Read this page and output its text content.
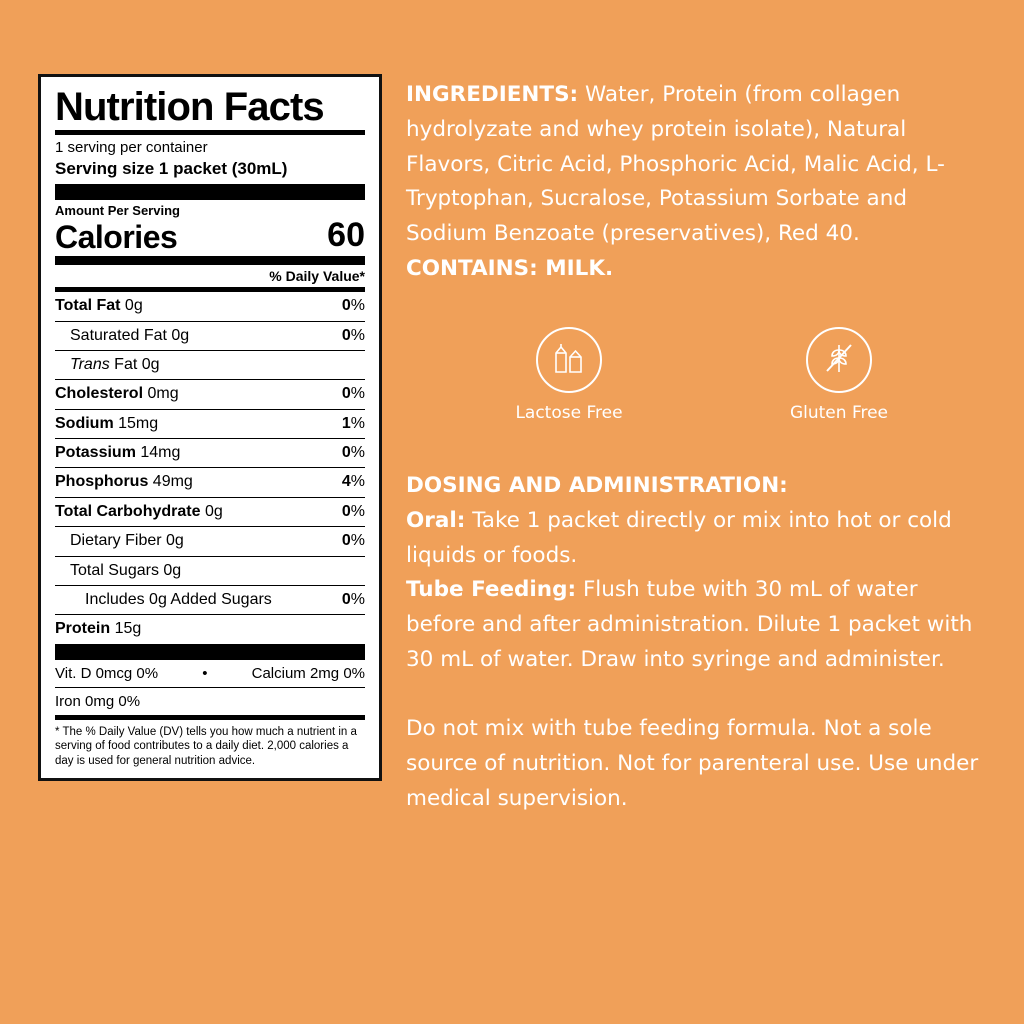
Nutrition Facts
1 serving per container
Serving size 1 packet (30mL)
Amount Per Serving
Calories	60
% Daily Value*
Total Fat 0g	0%
Saturated Fat 0g	0%
Trans Fat 0g
Cholesterol 0mg	0%
Sodium 15mg	1%
Potassium 14mg	0%
Phosphorus 49mg	4%
Total Carbohydrate 0g	0%
Dietary Fiber 0g	0%
Total Sugars 0g
Includes 0g Added Sugars	0%
Protein 15g
Vit. D 0mcg 0%	•	Calcium 2mg 0%
Iron 0mg 0%
* The % Daily Value (DV) tells you how much a nutrient in a serving of food contributes to a daily diet. 2,000 calories a day is used for general nutrition advice.

INGREDIENTS: Water, Protein (from collagen hydrolyzate and whey protein isolate), Natural Flavors, Citric Acid, Phosphoric Acid, Malic Acid, L-Tryptophan, Sucralose, Potassium Sorbate and Sodium Benzoate (preservatives), Red 40.

CONTAINS: MILK.

Lactose Free	Gluten Free

DOSING AND ADMINISTRATION:

Oral: Take 1 packet directly or mix into hot or cold liquids or foods.

Tube Feeding: Flush tube with 30 mL of water before and after administration. Dilute 1 packet with 30 mL of water. Draw into syringe and administer.

Do not mix with tube feeding formula. Not a sole source of nutrition. Not for parenteral use. Use under medical supervision.
